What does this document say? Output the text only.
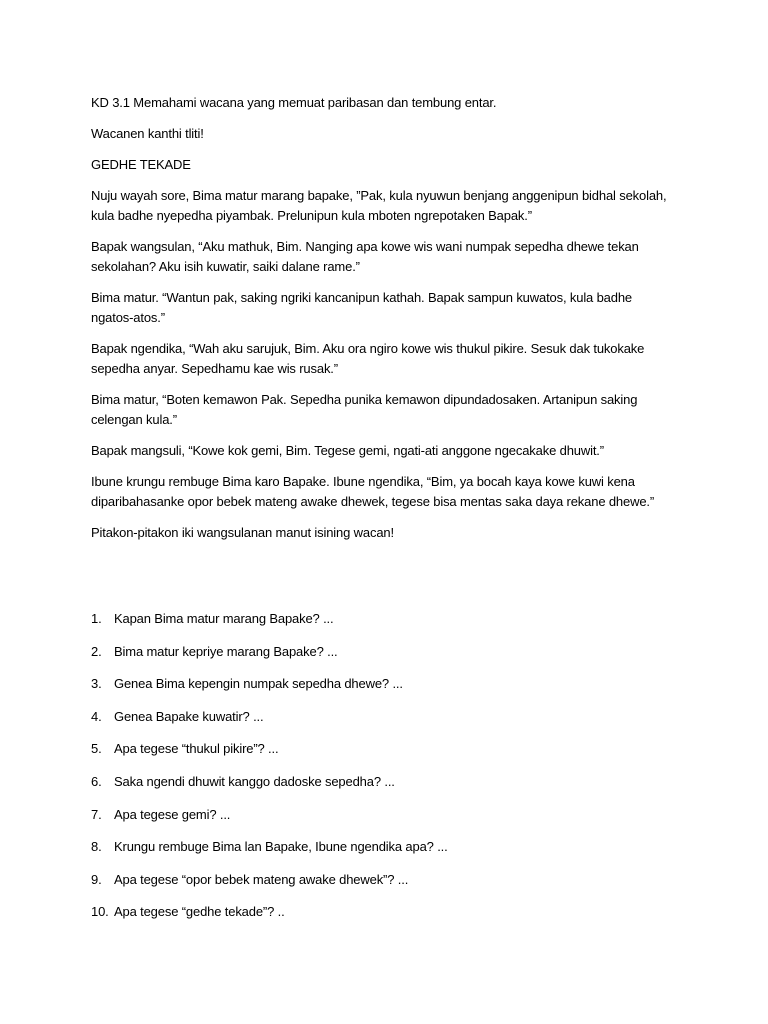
KD 3.1 Memahami wacana yang memuat paribasan dan tembung entar.

Wacanen kanthi tliti!

GEDHE TEKADE

Nuju wayah sore, Bima matur marang bapake, ”Pak, kula nyuwun benjang anggenipun bidhal sekolah, kula badhe nyepedha piyambak. Prelunipun kula mboten ngrepotaken Bapak.”

Bapak wangsulan, “Aku mathuk, Bim. Nanging apa kowe wis wani numpak sepedha dhewe tekan sekolahan? Aku isih kuwatir, saiki dalane rame.”

Bima matur. “Wantun pak, saking ngriki kancanipun kathah. Bapak sampun kuwatos, kula badhe ngatos-atos.”

Bapak ngendika, “Wah aku sarujuk, Bim. Aku ora ngiro kowe wis thukul pikire. Sesuk dak tukokake sepedha anyar. Sepedhamu kae wis rusak.”

Bima matur, “Boten kemawon Pak. Sepedha punika kemawon dipundadosaken. Artanipun saking celengan kula.”

Bapak mangsuli, “Kowe kok gemi, Bim. Tegese gemi, ngati-ati anggone ngecakake dhuwit.”

Ibune krungu rembuge Bima karo Bapake. Ibune ngendika, “Bim, ya bocah kaya kowe kuwi kena diparibahasanke opor bebek mateng awake dhewek, tegese bisa mentas saka daya rekane dhewe.”

Pitakon-pitakon iki wangsulanan manut isining wacan!

1. Kapan Bima matur marang Bapake? ...
2. Bima matur kepriye marang Bapake? ...
3. Genea Bima kepengin numpak sepedha dhewe? ...
4. Genea Bapake kuwatir? ...
5. Apa tegese “thukul pikire”? ...
6. Saka ngendi dhuwit kanggo dadoske sepedha? ...
7. Apa tegese gemi? ...
8. Krungu rembuge Bima lan Bapake, Ibune ngendika apa? ...
9. Apa tegese “opor bebek mateng awake dhewek”? ...
10. Apa tegese “gedhe tekade”? ..
